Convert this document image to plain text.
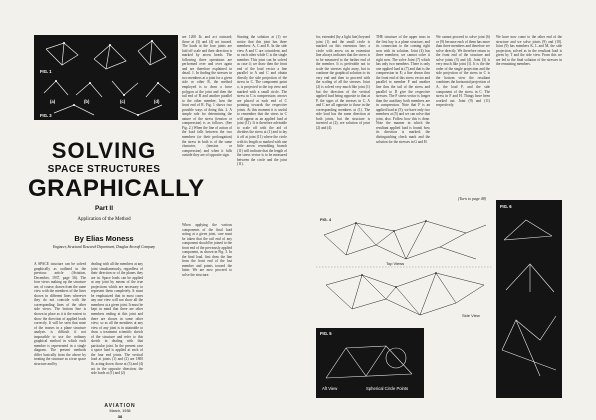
FIG. 1
(a)	(b)	(c)	(d)
FIG. 3
SOLVING
SPACE STRUCTURES
GRAPHICALLY
Part II
Application of the Method
By Elias Moness
Engineer, Structural Research Department, Douglas Aircraft Company
A SPACE structure can be solved graphically as outlined in the previous article (Aviation, December, 1937, page 36). The four views making up the structure are, of course, drawn from the same view with the members of the lines shown in different lines wherever they do not coincide with the corresponding lines of the other side views. The bottom line is shown in place as it is the easiest to show the direction of applied loads correctly. It will be seen that none of the trusses in a plane structure analysis is difficult if not impossible to use the ordinary graphical method in which each member is represented in a single diagram. The present methods differ basically from the above by treating the structure as a true space structure and by
dealing with all the members at any joint simultaneously, regardless of their direction or of the planes they are in. Space loads can be applied at any joint by means of the true projections which are necessary to represent them completely. It must be emphasized that in most cases any one view will not show all the members at a given joint. It must be kept in mind that there are other members ending at this joint and there are shown in some other view; so as all the members at any view of any joint is in attainable to draw a treatment scientific sketch of the structure and refer to this sketch in dealing with that particular joint. In the present case a space load is applied at each of the four end joints. The vertical load at joints (1) and (2) are 1800 lb. acting down; those at (3) and (4) act in the opposite direction; the side loads at (1) and (2)
are 1200 lb. and act outward; those at (3) and (4) act inward. The loads at the four joints are laid off scale and their direction is marked by arrow heads. The following three operations are performed over and over again and are therefore explained in detail. 1. In finding the stresses in two members at a joint for a given side or other R, the method employed is to draw a force polygon at the joint and then the tail end of R and another parallel to the other member, how the front end of R. Fig. 1 shows two possible ways of doing this. 2. A simple rule for determining the nature of the stress (tension or compression) is as follows. (See Fig. 2.) When the line of action of the load falls between the two members (or their prolongation) the stress in both is of the same character, (tension or compression) and when it falls outside they are of opposite sign.
When applying the various components of the final load acting at a given joint, care must be taken that the tail end of any component should be joined to the front end of the previously applied component, as shown in Fig. 3. In the final load, first draw the line from the front end of the last member and points toward the latter. We are now proceed to solve the structure.
Starting the solution at (1) we notice that this joint has three members: A, C and E. In the side view A and C are coincident, and so each other while C is the single member. This joint can be solved as case 4; we draw then the front end of the load vector a line parallel to A and C and obtain directly the side projection of the stress in C. The component point o, is projected to the top view and marked with a small circle. The stress in C is compression; arrows are placed at each end of C pointing towards the respective joints. At this moment it is useful to remember that the stress in C will appear as an applied load at joint (11). It is therefore advisable to scale off with the aid of dividers the stress at (1) and to lay it off at joint (11) where the circle with its length so marked with one little arrow resembling branch (11) will indicate that the length of the stress vector is to be measured between the circle and the joint (11).
for, extended (by a light line) beyond joint (1) and the small circle is marked on this extension line; a circle with arrow on an extension line always indicates that the stress is to be measured to the farther end of the member. It is preferable not to scale the stresses right away, but to continue the graphical solution to its very end and then to proceed with the scaling of all the stresses. Joint (2) is solved very much like joint (1) but the direction of the vertical applied load being opposite to that at P, the signs of the stresses in C, A and C are all opposite to those in the corresponding members at (1). The side load has the same direction at both joints, but the structure is inverted at (2); see solution of joint (2) and (4).
THE structure of the upper truss in the first bay is a plane structure, and its connection to the coming right now with its solution. Joint (4) has three members; we cannot solve it right now. The solve Joint (7) which has only two members. There is only one applied load at (7) and that is the compression in E; a line drawn thru the front end of this stress vector and parallel to member F and another line thru the tail of the stress and parallel to D give the respective stresses. The F stress vector is longer than the auxiliary both members are in compression. Note that F is an applied load at (5); we have only two members at (5) and we can solve that joint, also. Follow how this is done. Note the manner in which the resultant applied load is found; how its direction is marked; the distinguishing check mark and the solution for the stresses in G and H.
We cannot proceed to solve joint (6) or (9) because each of them has more than three members and therefore we solve directly. We therefore return to the front end of the structure and solve joints (3) and (4). Joint (3) is very much like joint (1). It is the the order of the single projection and the side projection of the stress in C is the bottom view the resultant combines the horizontal projection of A, the load F, and the side component of the stress in C. The stress in F and H. Things have been worked out. Joint (9) and (11) respectively.
(Turn to page 48)
Top Views
FIG. 4
Side View
FIG. 5
Aft View	Spherical Circle Points
FIG. 6
We have now come to the other end of the structure and we solve joints (9) and (10). Joint (9) has members K, L and M, the side projection, solved as in the resultant load is given by T and the side view. From this we are led to the final solution of the stresses in the remaining members.
AVIATION
March, 1938
38
